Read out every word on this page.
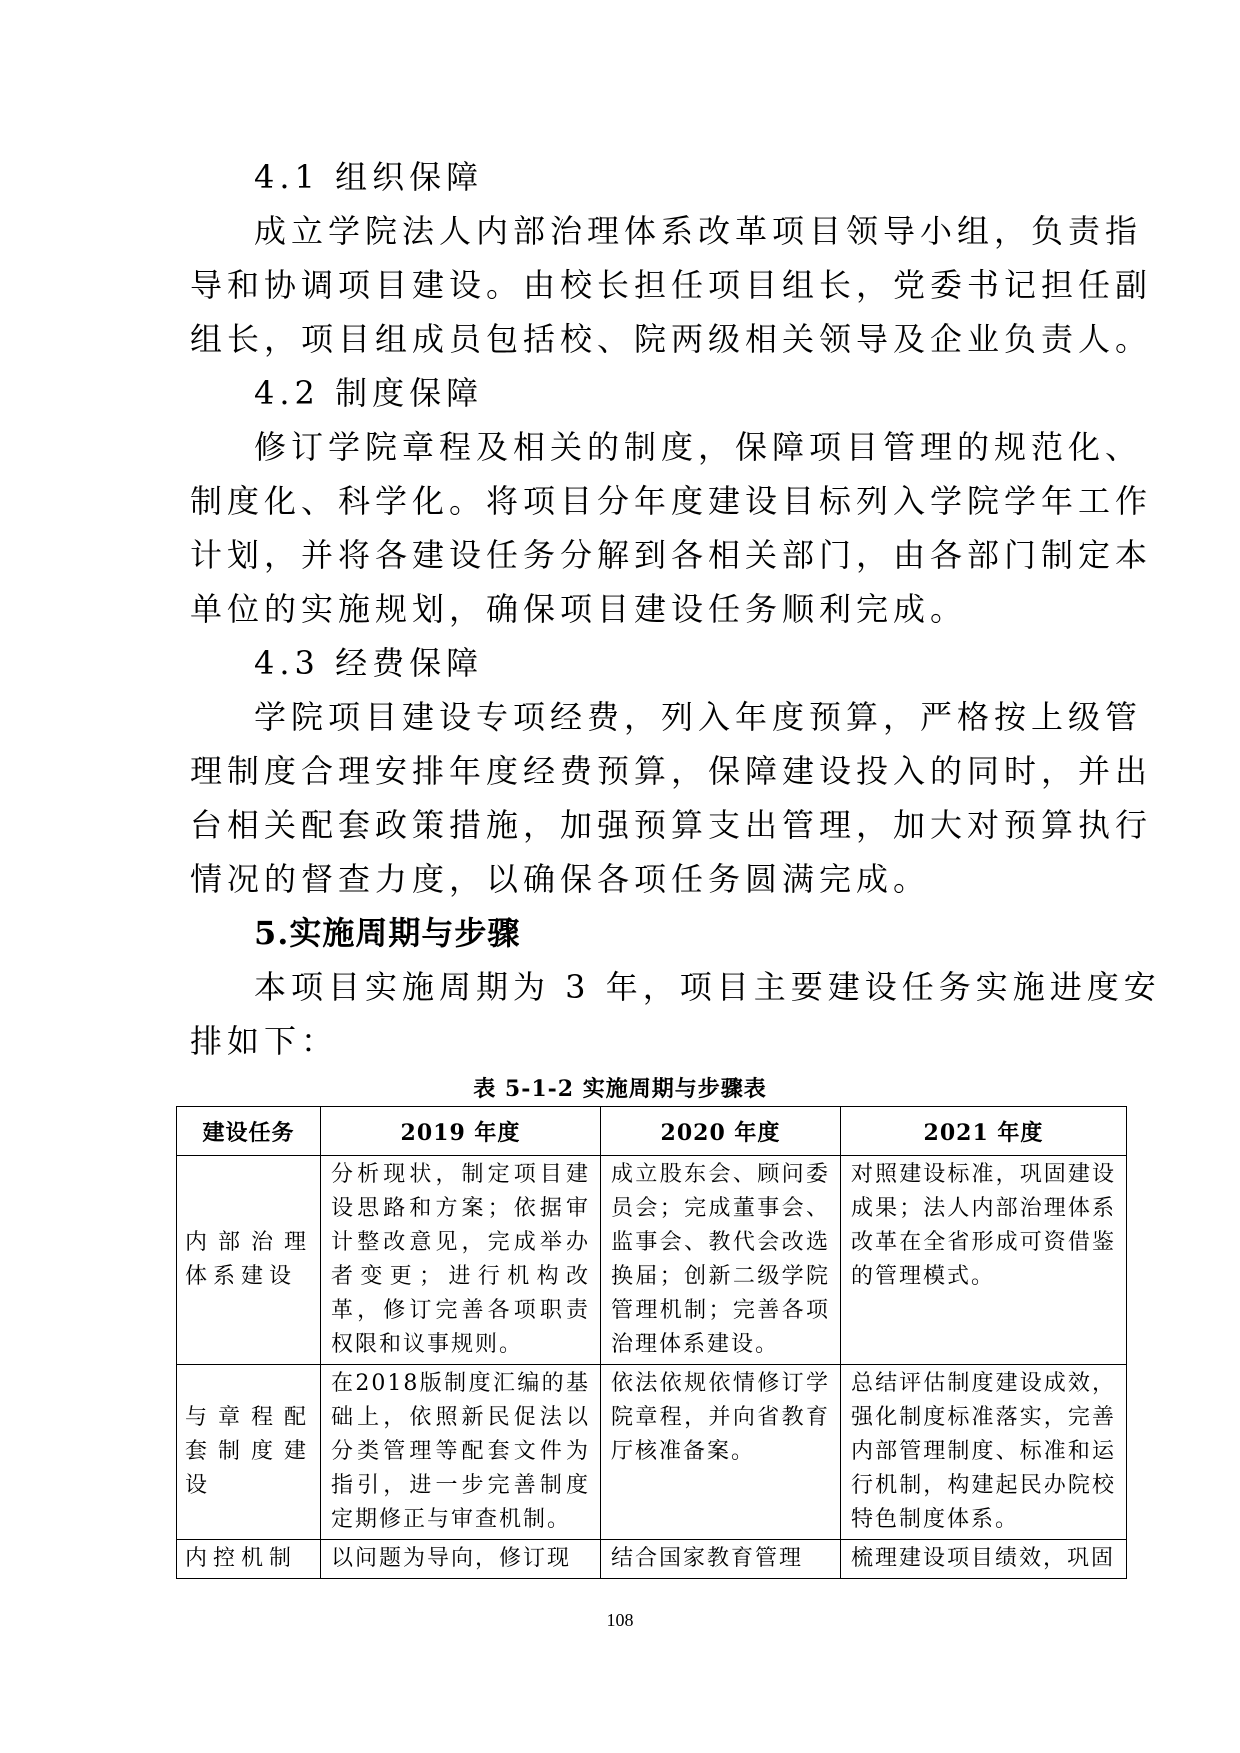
4.1 组织保障

成立学院法人内部治理体系改革项目领导小组，负责指

导和协调项目建设。由校长担任项目组长，党委书记担任副

组长，项目组成员包括校、院两级相关领导及企业负责人。

4.2 制度保障

修订学院章程及相关的制度，保障项目管理的规范化、

制度化、科学化。将项目分年度建设目标列入学院学年工作

计划，并将各建设任务分解到各相关部门，由各部门制定本

单位的实施规划，确保项目建设任务顺利完成。

4.3 经费保障

学院项目建设专项经费，列入年度预算，严格按上级管

理制度合理安排年度经费预算，保障建设投入的同时，并出

台相关配套政策措施，加强预算支出管理，加大对预算执行

情况的督查力度，以确保各项任务圆满完成。

5.实施周期与步骤

本项目实施周期为 3 年，项目主要建设任务实施进度安

排如下：

表 5-1-2 实施周期与步骤表
建设任务	2019 年度	2020 年度	2021 年度
内部治理体系建设	分析现状，制定项目建设思路和方案；依据审计整改意见，完成举办者变更；进行机构改革，修订完善各项职责权限和议事规则。	成立股东会、顾问委员会；完成董事会、监事会、教代会改选换届；创新二级学院管理机制；完善各项治理体系建设。	对照建设标准，巩固建设成果；法人内部治理体系改革在全省形成可资借鉴的管理模式。
与章程配套制度建设	在2018版制度汇编的基础上，依照新民促法以分类管理等配套文件为指引，进一步完善制度定期修正与审查机制。	依法依规依情修订学院章程，并向省教育厅核准备案。	总结评估制度建设成效，强化制度标准落实，完善内部管理制度、标准和运行机制，构建起民办院校特色制度体系。

内控机制	以问题为导向，修订现	结合国家教育管理	梳理建设项目绩效，巩固
108
